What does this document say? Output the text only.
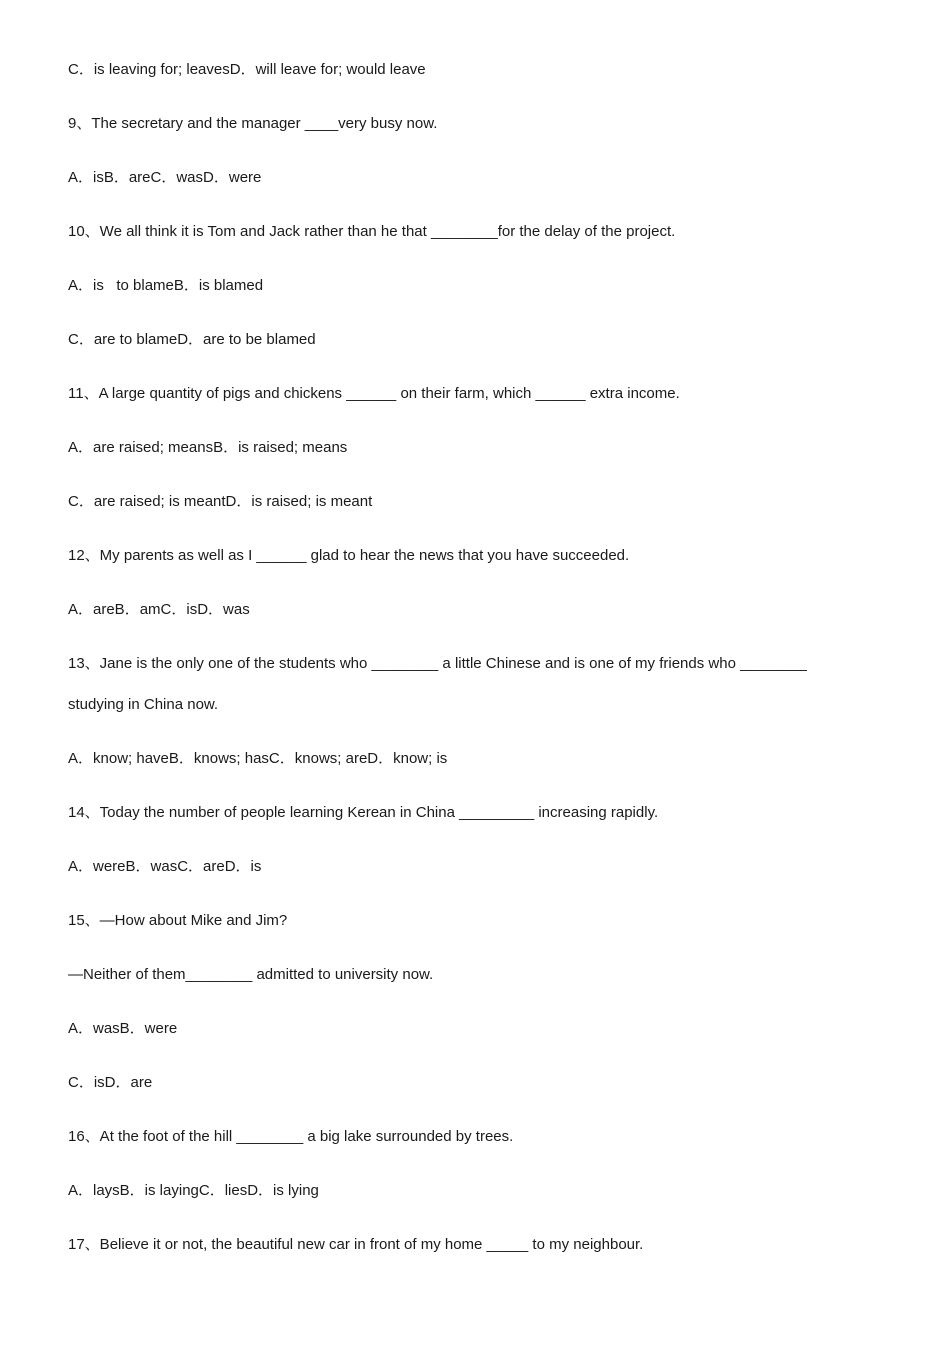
C．is leaving for; leavesD．will leave for; would leave
9、The secretary and the manager ____very busy now.
A．isB．areC．wasD．were
10、We all think it is Tom and Jack rather than he that ________for the delay of the project.
A．is   to blameB．is blamed
C．are to blameD．are to be blamed
11、A large quantity of pigs and chickens ______ on their farm, which ______ extra income.
A．are raised; meansB．is raised; means
C．are raised; is meantD．is raised; is meant
12、My parents as well as I ______ glad to hear the news that you have succeeded.
A．areB．amC．isD．was
13、Jane is the only one of the students who ________ a little Chinese and is one of my friends who ________
studying in China now.
A．know; haveB．knows; hasC．knows; areD．know; is
14、Today the number of people learning Kerean in China _________ increasing rapidly.
A．wereB．wasC．areD．is
15、—How about Mike and Jim?
—Neither of them________ admitted to university now.
A．wasB．were
C．isD．are
16、At the foot of the hill ________ a big lake surrounded by trees.
A．laysB．is layingC．liesD．is lying
17、Believe it or not, the beautiful new car in front of my home _____ to my neighbour.
